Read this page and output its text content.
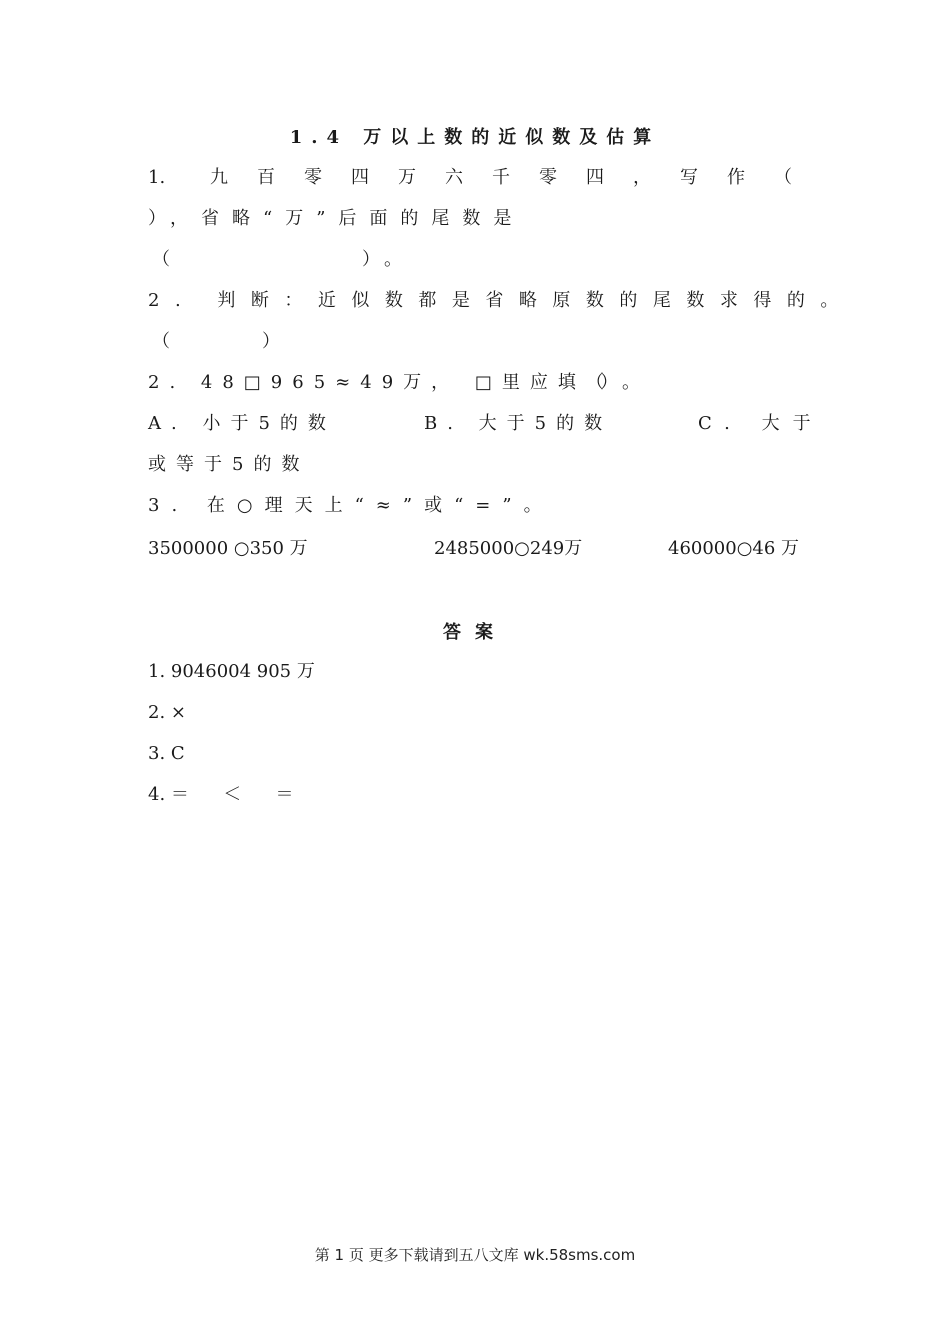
1.4 万以上数的近似数及估算
1. 九百零四万六千零四，写作（
），省略“万”后面的尾数是
（	）。
2. 判断：近似数都是省略原数的尾数求得的。
（	）
2. 48□965≈49万， □里应填（
）。
A. 小于5的数	B. 大于5的数	C. 大于
或等于5的数
3. 在○理天上“≈”或“=”。
3500000 ○350 万	2485000○249万	460000○46 万
答案
1. 9046004 905 万
2. ×
3. C
4. ＝      ＜      ＝
第 1 页 更多下载请到五八文库 wk.58sms.com
